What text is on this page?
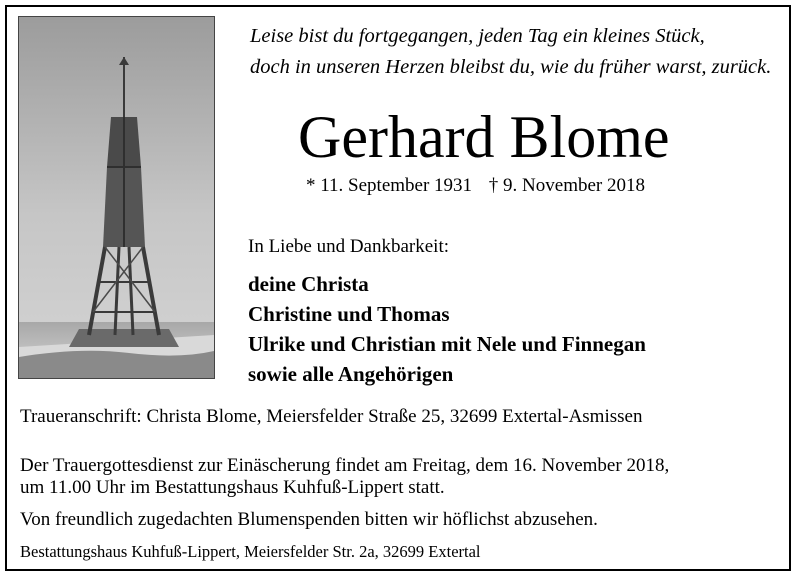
Leise bist du fortgegangen, jeden Tag ein kleines Stück,
doch in unseren Herzen bleibst du, wie du früher warst, zurück.
Gerhard Blome
* 11. September 1931 † 9. November 2018
In Liebe und Dankbarkeit:
deine Christa
Christine und Thomas
Ulrike und Christian mit Nele und Finnegan
sowie alle Angehörigen
Traueranschrift: Christa Blome, Meiersfelder Straße 25, 32699 Extertal-Asmissen
Der Trauergottesdienst zur Einäscherung findet am Freitag, dem 16. November 2018,
um 11.00 Uhr im Bestattungshaus Kuhfuß-Lippert statt.
Von freundlich zugedachten Blumenspenden bitten wir höflichst abzusehen.
Bestattungshaus Kuhfuß-Lippert, Meiersfelder Str. 2a, 32699 Extertal
